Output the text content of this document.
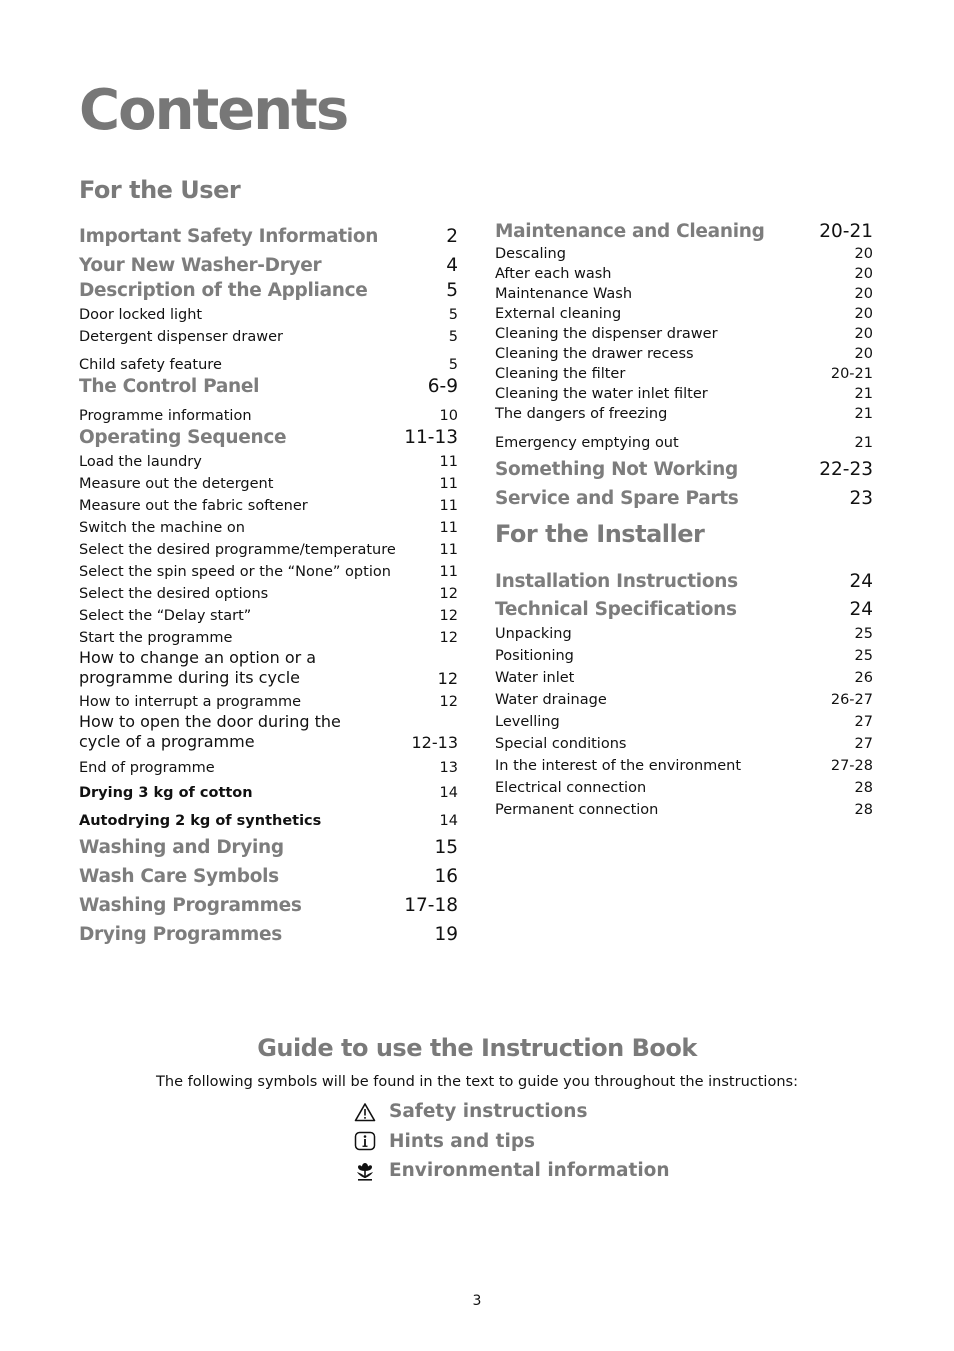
Contents
For the User
Important Safety Information	2
Your New Washer-Dryer	4
Description of the Appliance	5
Door locked light	5
Detergent dispenser drawer	5
Child safety feature	5
The Control Panel	6-9
Programme information	10
Operating Sequence	11-13
Load the laundry	11
Measure out the detergent	11
Measure out the fabric softener	11
Switch the machine on	11
Select the desired programme/temperature	11
Select the spin speed or the “None” option	11
Select the desired options	12
Select the “Delay start”	12
Start the programme	12
How to change an option or a programme during its cycle	12
How to interrupt a programme	12
How to open the door during the cycle of a programme	12-13
End of programme	13
Drying 3 kg of cotton	14
Autodrying 2 kg of synthetics	14
Washing and Drying	15
Wash Care Symbols	16
Washing Programmes	17-18
Drying Programmes	19
Maintenance and Cleaning	20-21
Descaling	20
After each wash	20
Maintenance Wash	20
External cleaning	20
Cleaning the dispenser drawer	20
Cleaning the drawer recess	20
Cleaning the filter	20-21
Cleaning the water inlet filter	21
The dangers of freezing	21
Emergency emptying out	21
Something Not Working	22-23
Service and Spare Parts	23
For the Installer
Installation Instructions	24
Technical Specifications	24
Unpacking	25
Positioning	25
Water inlet	26
Water drainage	26-27
Levelling	27
Special conditions	27
In the interest of the environment	27-28
Electrical connection	28
Permanent connection	28
Guide to use the Instruction Book

The following symbols will be found in the text to guide you throughout the instructions:

Safety instructions
Hints and tips
Environmental information
3
